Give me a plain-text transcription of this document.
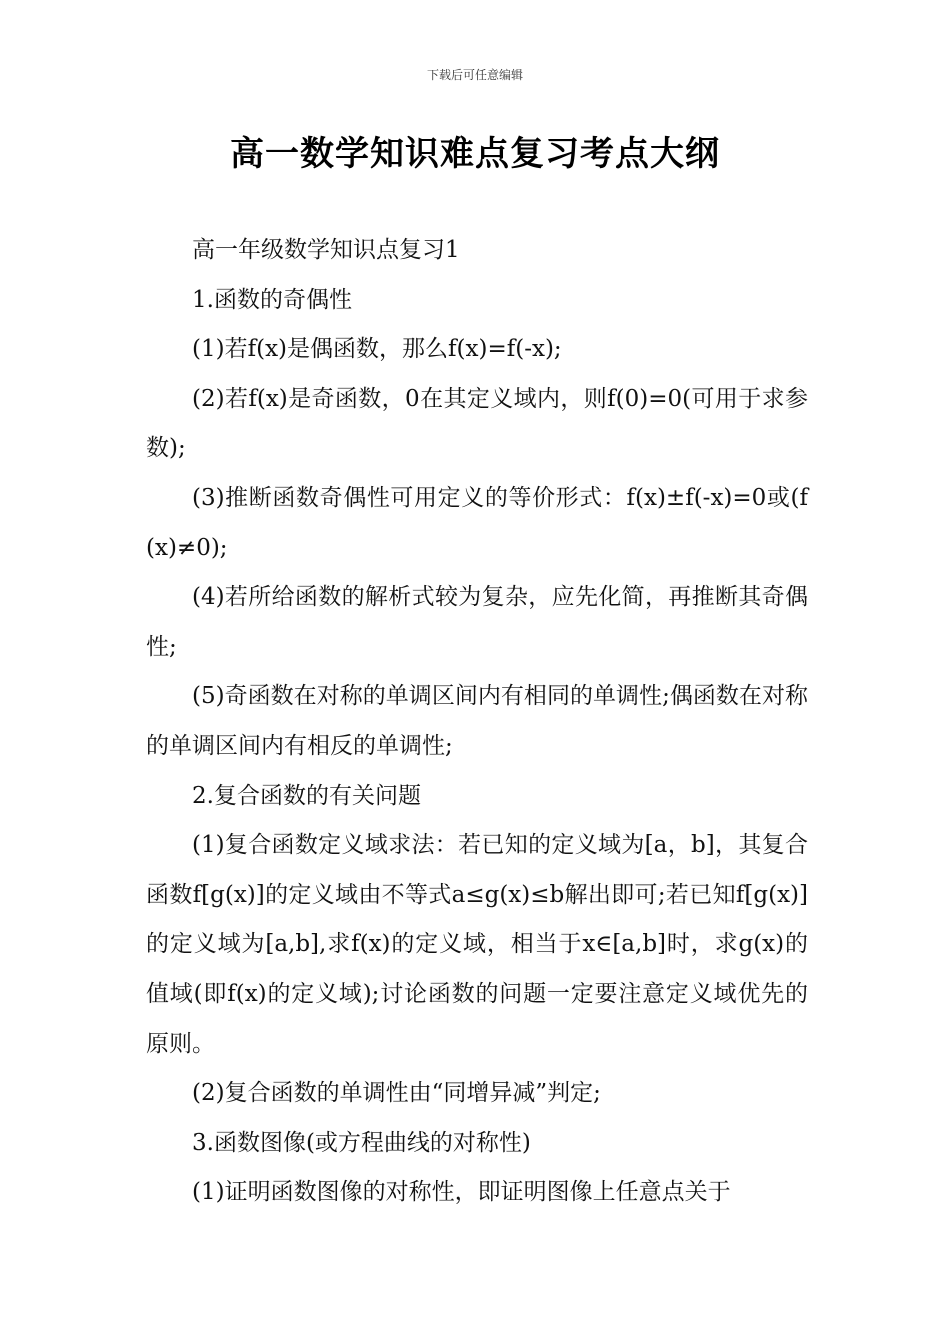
下载后可任意编辑
高一数学知识难点复习考点大纲

高一年级数学知识点复习1

1.函数的奇偶性

(1)若f(x)是偶函数，那么f(x)=f(-x);

(2)若f(x)是奇函数，0在其定义域内，则f(0)=0(可用于求参数);

(3)推断函数奇偶性可用定义的等价形式：f(x)±f(-x)=0或(f(x)≠0);

(4)若所给函数的解析式较为复杂，应先化简，再推断其奇偶性;

(5)奇函数在对称的单调区间内有相同的单调性;偶函数在对称的单调区间内有相反的单调性;

2.复合函数的有关问题

(1)复合函数定义域求法：若已知的定义域为[a，b]，其复合函数f[g(x)]的定义域由不等式a≤g(x)≤b解出即可;若已知f[g(x)]的定义域为[a,b],求f(x)的定义域，相当于x∈[a,b]时，求g(x)的值域(即f(x)的定义域);讨论函数的问题一定要注意定义域优先的原则。

(2)复合函数的单调性由“同增异减”判定;

3.函数图像(或方程曲线的对称性)

(1)证明函数图像的对称性，即证明图像上任意点关于
